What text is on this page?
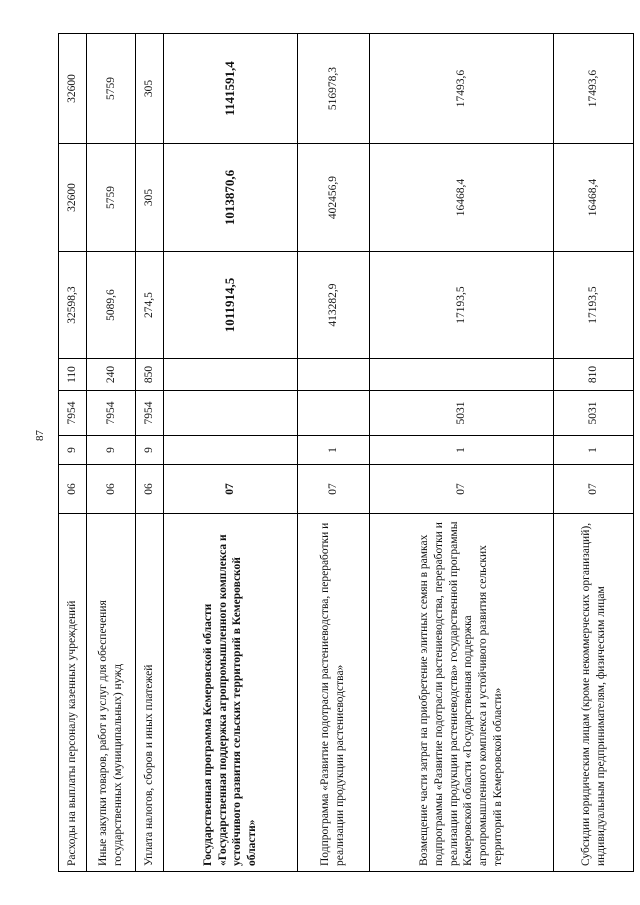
87
Расходы на выплаты персоналу казенных учреждений	06	9	7954	110	32598,3	32600	32600
Иные закупки товаров, работ и услуг для обеспечения государственных (муниципальных) нужд	06	9	7954	240	5089,6	5759	5759
Уплата налогов, сборов и иных платежей	06	9	7954	850	274,5	305	305
Государственная программа Кемеровской области «Государственная поддержка агропромышленного комплекса и устойчивого развития сельских территорий в Кемеровской области»	07				1011914,5	1013870,6	1141591,4
Подпрограмма «Развитие подотрасли растениеводства, переработки и реализации продукции растениеводства»	07	1			413282,9	402456,9	516978,3
Возмещение части затрат на приобретение элитных семян в рамках подпрограммы «Развитие подотрасли растениеводства, переработки и реализации продукции растениеводства» государственной программы Кемеровской области «Государственная поддержка агропромышленного комплекса и устойчивого развития сельских территорий в Кемеровской области»	07	1	5031		17193,5	16468,4	17493,6
Субсидии юридическим лицам (кроме некоммерческих организаций), индивидуальным предпринимателям, физическим лицам	07	1	5031	810	17193,5	16468,4	17493,6
